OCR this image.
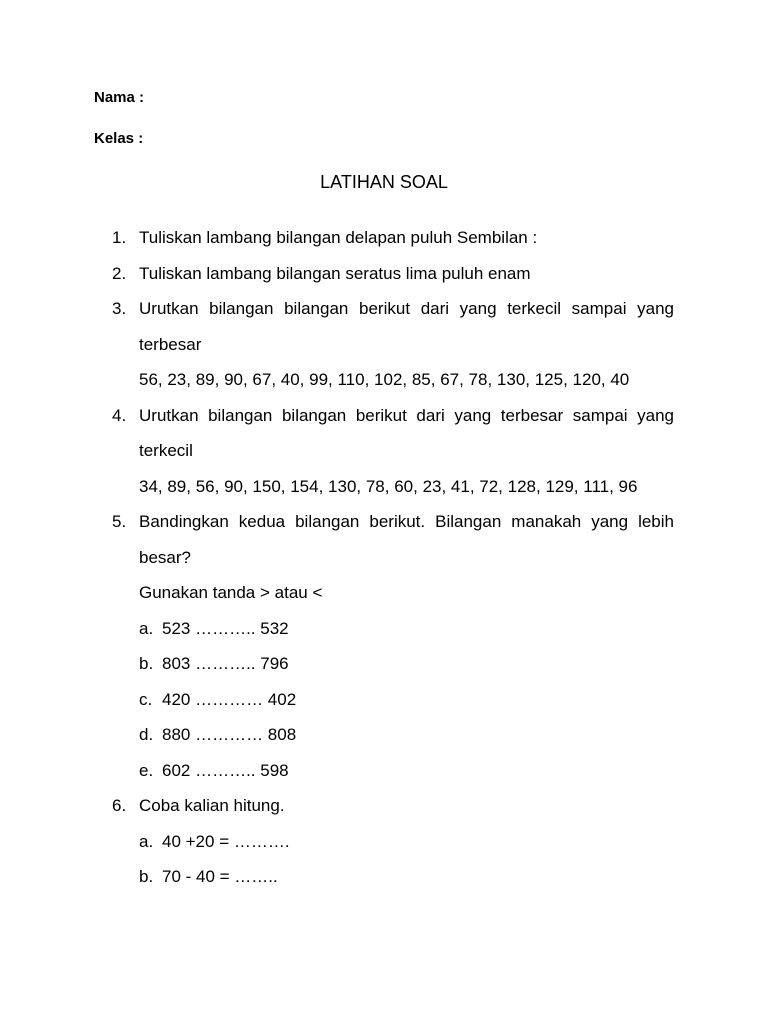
Nama :
Kelas :
LATIHAN SOAL
1. Tuliskan lambang bilangan delapan puluh Sembilan :
2. Tuliskan lambang bilangan seratus lima puluh enam
3. Urutkan bilangan bilangan berikut dari yang terkecil sampai yang terbesar
56, 23, 89, 90, 67, 40, 99, 110, 102, 85, 67, 78, 130, 125, 120, 40
4. Urutkan bilangan bilangan berikut dari yang terbesar sampai yang terkecil
34, 89, 56, 90, 150, 154, 130, 78, 60, 23, 41, 72, 128, 129, 111, 96
5. Bandingkan kedua bilangan berikut. Bilangan manakah yang lebih besar?
Gunakan tanda > atau <
a. 523 ……….. 532
b. 803 ……….. 796
c. 420 ………… 402
d. 880 ………… 808
e. 602 ……….. 598
6. Coba kalian hitung.
a. 40 +20 = ……….
b. 70 - 40 = ……..
